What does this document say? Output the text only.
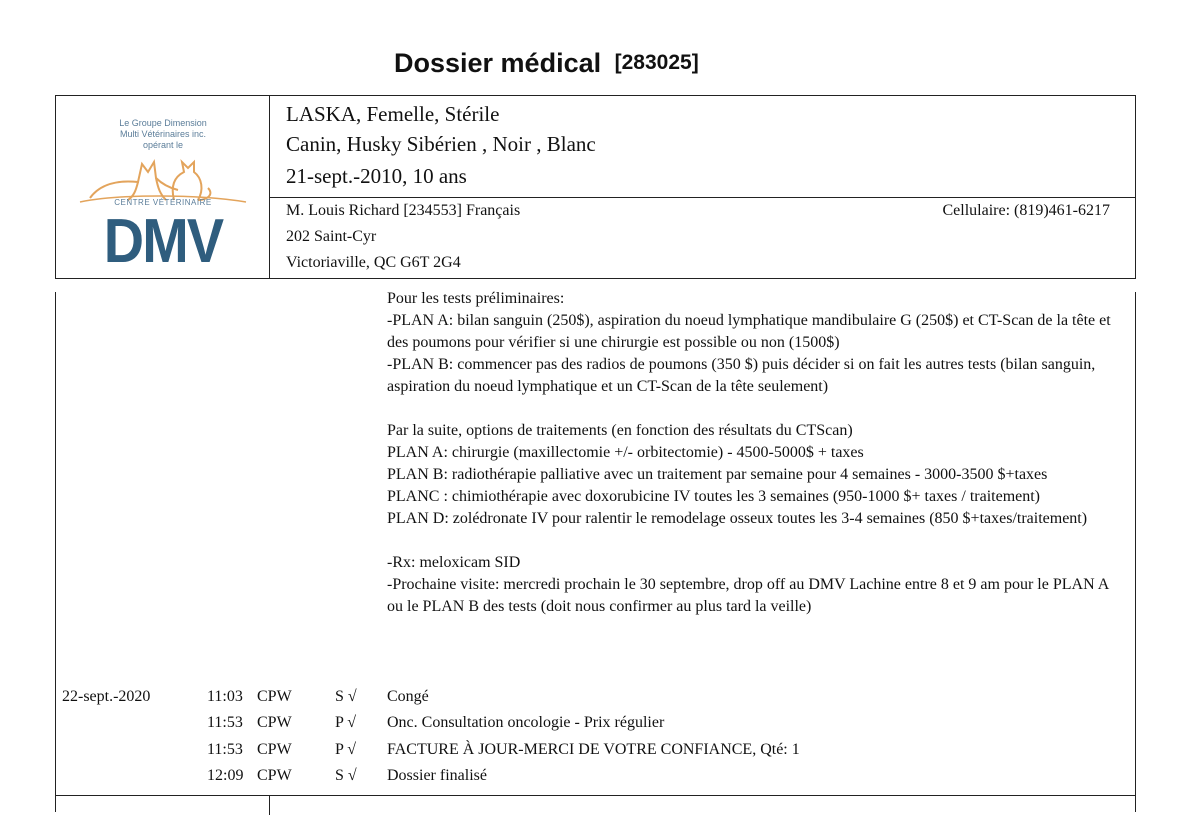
Dossier médical [283025]
Le Groupe Dimension
Multi Vétérinaires inc.
opérant le
CENTRE VÉTÉRINAIRE
DMV
LASKA, Femelle, Stérile
Canin, Husky Sibérien , Noir , Blanc
21-sept.-2010, 10 ans
M. Louis Richard [234553] Français
202 Saint-Cyr
Victoriaville, QC G6T 2G4
Cellulaire: (819)461-6217

Pour les tests préliminaires:

-PLAN A: bilan sanguin (250$), aspiration du noeud lymphatique mandibulaire G (250$) et CT-Scan de la tête et des poumons pour vérifier si une chirurgie est possible ou non (1500$)

-PLAN B: commencer pas des radios de poumons (350 $) puis décider si on fait les autres tests (bilan sanguin, aspiration du noeud lymphatique et un CT-Scan de la tête seulement)

Par la suite, options de traitements (en fonction des résultats du CTScan)

PLAN A: chirurgie (maxillectomie +/- orbitectomie) - 4500-5000$ + taxes

PLAN B: radiothérapie palliative avec un traitement par semaine pour 4 semaines - 3000-3500 $+taxes

PLANC : chimiothérapie avec doxorubicine IV toutes les 3 semaines (950-1000 $+ taxes / traitement)

PLAN D: zolédronate IV pour ralentir le remodelage osseux toutes les 3-4 semaines (850 $+taxes/traitement)

-Rx: meloxicam SID

-Prochaine visite: mercredi prochain le 30 septembre, drop off au DMV Lachine entre 8 et 9 am pour le PLAN A ou le PLAN B des tests (doit nous confirmer au plus tard la veille)

22-sept.-2020	11:03 CPW	S √ Congé
11:53 CPW	P √ Onc. Consultation oncologie - Prix régulier
11:53 CPW	P √ FACTURE À JOUR-MERCI DE VOTRE CONFIANCE, Qté: 1
12:09 CPW	S √ Dossier finalisé
